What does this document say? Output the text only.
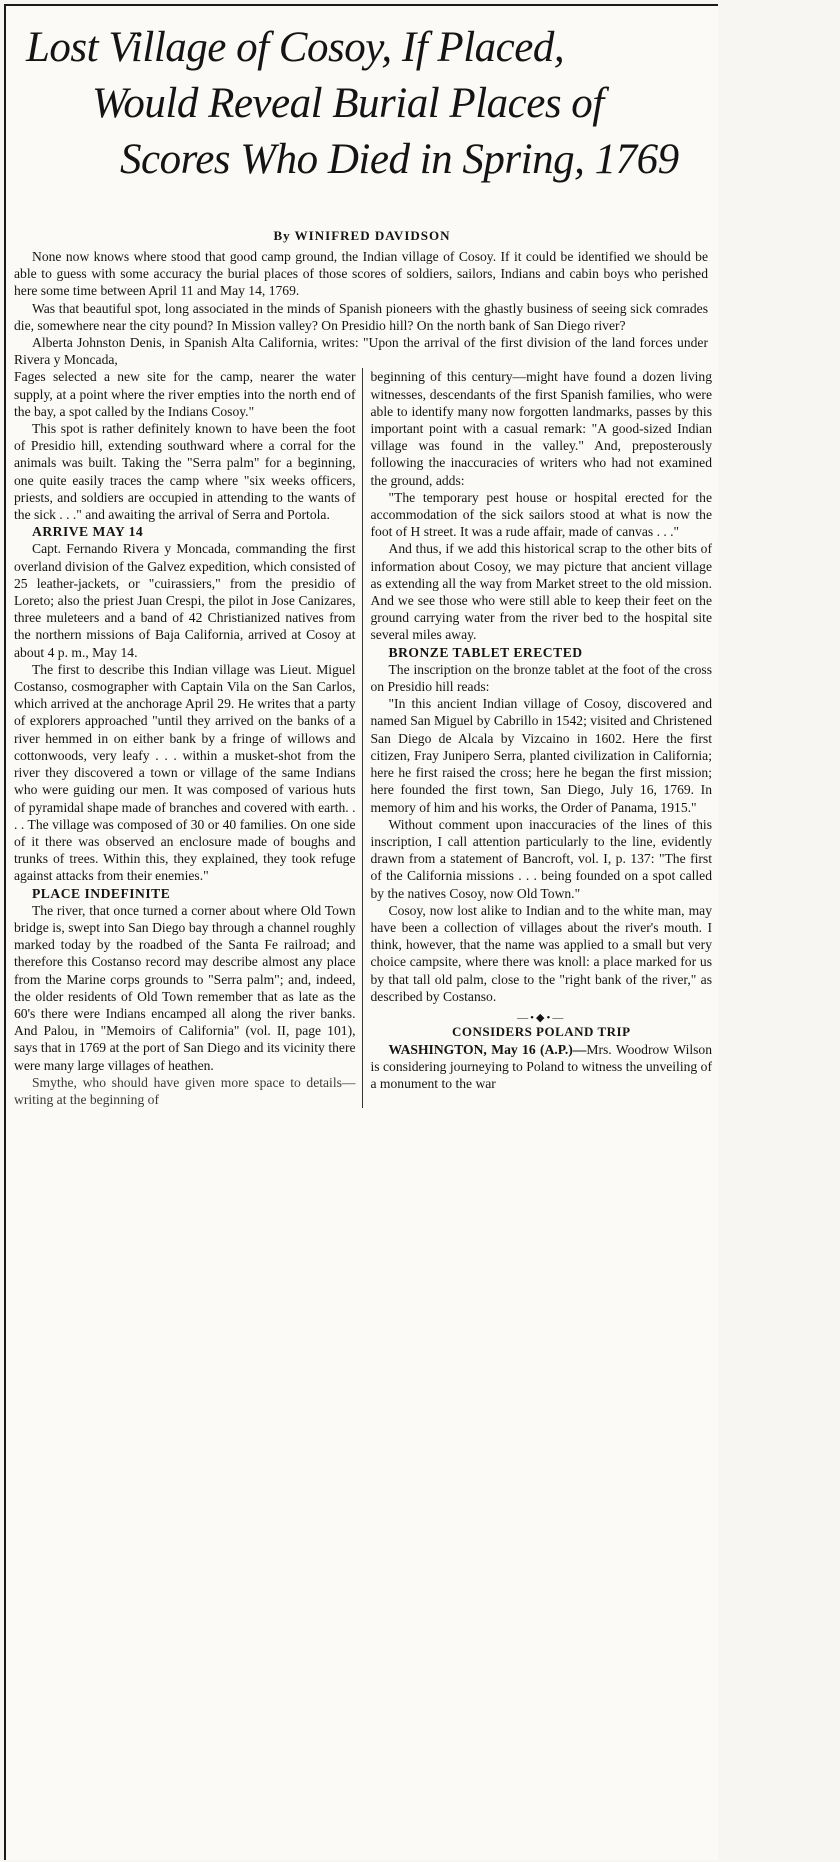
Lost Village of Cosoy, If Placed,
Would Reveal Burial Places of
Scores Who Died in Spring, 1769
By WINIFRED DAVIDSON

None now knows where stood that good camp ground, the Indian village of Cosoy. If it could be identified we should be able to guess with some accuracy the burial places of those scores of soldiers, sailors, Indians and cabin boys who perished here some time between April 11 and May 14, 1769.

Was that beautiful spot, long associated in the minds of Spanish pioneers with the ghastly business of seeing sick comrades die, somewhere near the city pound? In Mission valley? On Presidio hill? On the north bank of San Diego river?

Alberta Johnston Denis, in Spanish Alta California, writes: "Upon the arrival of the first division of the land forces under Rivera y Moncada,

Fages selected a new site for the camp, nearer the water supply, at a point where the river empties into the north end of the bay, a spot called by the Indians Cosoy."

This spot is rather definitely known to have been the foot of Presidio hill, extending southward where a corral for the animals was built. Taking the "Serra palm" for a beginning, one quite easily traces the camp where "six weeks officers, priests, and soldiers are occupied in attending to the wants of the sick . . ." and awaiting the arrival of Serra and Portola.

ARRIVE MAY 14

Capt. Fernando Rivera y Moncada, commanding the first overland division of the Galvez expedition, which consisted of 25 leather-jackets, or "cuirassiers," from the presidio of Loreto; also the priest Juan Crespi, the pilot in Jose Canizares, three muleteers and a band of 42 Christianized natives from the northern missions of Baja California, arrived at Cosoy at about 4 p. m., May 14.

The first to describe this Indian village was Lieut. Miguel Costanso, cosmographer with Captain Vila on the San Carlos, which arrived at the anchorage April 29. He writes that a party of explorers approached "until they arrived on the banks of a river hemmed in on either bank by a fringe of willows and cottonwoods, very leafy . . . within a musket-shot from the river they discovered a town or village of the same Indians who were guiding our men. It was composed of various huts of pyramidal shape made of branches and covered with earth. . . . The village was composed of 30 or 40 families. On one side of it there was observed an enclosure made of boughs and trunks of trees. Within this, they explained, they took refuge against attacks from their enemies."

PLACE INDEFINITE

The river, that once turned a corner about where Old Town bridge is, swept into San Diego bay through a channel roughly marked today by the roadbed of the Santa Fe railroad; and therefore this Costanso record may describe almost any place from the Marine corps grounds to "Serra palm"; and, indeed, the older residents of Old Town remember that as late as the 60's there were Indians encamped all along the river banks. And Palou, in "Memoirs of California" (vol. II, page 101), says that in 1769 at the port of San Diego and its vicinity there were many large villages of heathen.

Smythe, who should have given more space to details—writing at the beginning of

beginning of this century—might have found a dozen living witnesses, descendants of the first Spanish families, who were able to identify many now forgotten landmarks, passes by this important point with a casual remark: "A good-sized Indian village was found in the valley." And, preposterously following the inaccuracies of writers who had not examined the ground, adds:

"The temporary pest house or hospital erected for the accommodation of the sick sailors stood at what is now the foot of H street. It was a rude affair, made of canvas . . ."

And thus, if we add this historical scrap to the other bits of information about Cosoy, we may picture that ancient village as extending all the way from Market street to the old mission. And we see those who were still able to keep their feet on the ground carrying water from the river bed to the hospital site several miles away.

BRONZE TABLET ERECTED

The inscription on the bronze tablet at the foot of the cross on Presidio hill reads:

"In this ancient Indian village of Cosoy, discovered and named San Miguel by Cabrillo in 1542; visited and Christened San Diego de Alcala by Vizcaino in 1602. Here the first citizen, Fray Junipero Serra, planted civilization in California; here he first raised the cross; here he began the first mission; here founded the first town, San Diego, July 16, 1769. In memory of him and his works, the Order of Panama, 1915."

Without comment upon inaccuracies of the lines of this inscription, I call attention particularly to the line, evidently drawn from a statement of Bancroft, vol. I, p. 137: "The first of the California missions . . . being founded on a spot called by the natives Cosoy, now Old Town."

Cosoy, now lost alike to Indian and to the white man, may have been a collection of villages about the river's mouth. I think, however, that the name was applied to a small but very choice campsite, where there was knoll: a place marked for us by that tall old palm, close to the "right bank of the river," as described by Costanso.

—•◆•—
CONSIDERS POLAND TRIP

WASHINGTON, May 16 (A.P.)—Mrs. Woodrow Wilson is considering journeying to Poland to witness the unveiling of a monument to the war
